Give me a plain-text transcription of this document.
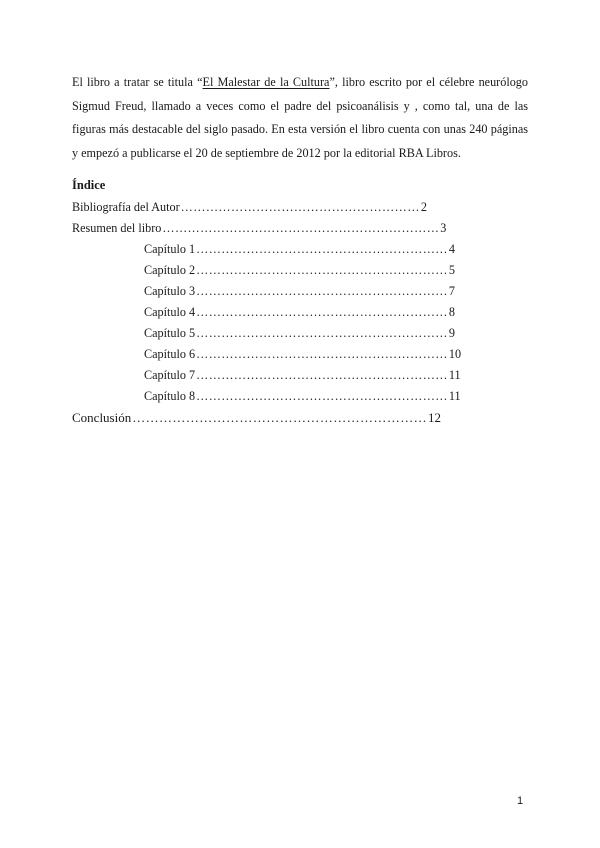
El libro a tratar se titula “El Malestar de la Cultura”, libro escrito por el célebre neurólogo Sigmud Freud, llamado a veces como el padre del psicoanálisis y , como tal, una de las figuras más destacable del siglo pasado. En esta versión el libro cuenta con unas 240 páginas y empezó a publicarse el 20 de septiembre de 2012 por la editorial RBA Libros.

Índice
Bibliografía del Autor ………………………………………………… 2
Resumen del libro ………………………………………………………… 3
Capítulo 1 …………………………………………………… 4
Capítulo 2 …………………………………………………… 5
Capítulo 3 …………………………………………………… 7
Capítulo 4 …………………………………………………… 8
Capítulo 5 …………………………………………………… 9
Capítulo 6 …………………………………………………… 10
Capítulo 7 …………………………………………………… 11
Capítulo 8 …………………………………………………… 11
Conclusión ………………………………………………………… 12
1
